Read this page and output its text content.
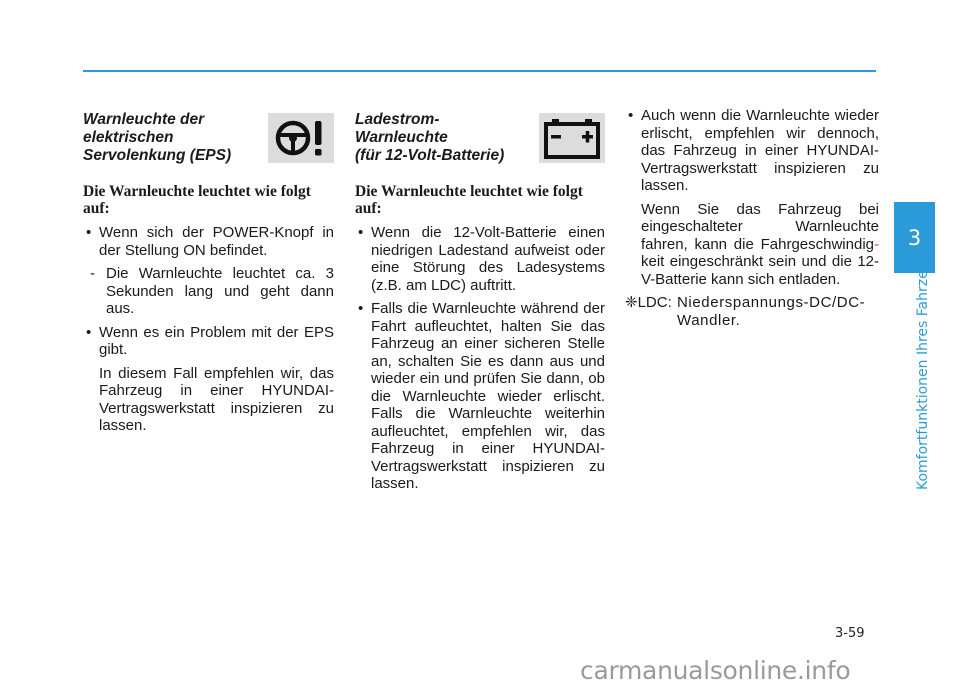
3
Komfortfunktionen Ihres Fahrzeugs
Warnleuchte der
elektrischen
Servolenkung (EPS)

Die Warnleuchte leuchtet wie folgt auf:

• Wenn sich der POWER-Knopf in der Stellung ON befindet.
- Die Warnleuchte leuchtet ca. 3 Sekunden lang und geht dann aus.
• Wenn es ein Problem mit der EPS gibt.
In diesem Fall empfehlen wir, das Fahrzeug in einer HYUNDAI-Vertragswerkstatt inspizieren zu lassen.
Ladestrom-
Warnleuchte
(für 12-Volt-Batterie)

Die Warnleuchte leuchtet wie folgt auf:

• Wenn die 12-Volt-Batterie einen niedrigen Ladestand aufweist oder eine Störung des Ladesystems (z.B. am LDC) auftritt.
• Falls die Warnleuchte während der Fahrt aufleuchtet, halten Sie das Fahrzeug an einer sicheren Stelle an, schalten Sie es dann aus und wieder ein und prüfen Sie dann, ob die Warnleuchte wieder erlischt. Falls die Warnleuchte weiterhin aufleuchtet, empfehlen wir, das Fahrzeug in einer HYUNDAI-Vertragswerkstatt inspizieren zu lassen.
• Auch wenn die Warnleuchte wieder erlischt, empfehlen wir dennoch, das Fahrzeug in einer HYUNDAI-Vertragswerkstatt inspizieren zu lassen.
Wenn Sie das Fahrzeug bei eingeschalteter Warnleuchte fahren, kann die Fahrgeschwindig- keit eingeschränkt sein und die 12-V-Batterie kann sich entladen.
❈LDC: Niederspannungs-DC/DC-Wandler.
3-59
carmanualsonline.info
